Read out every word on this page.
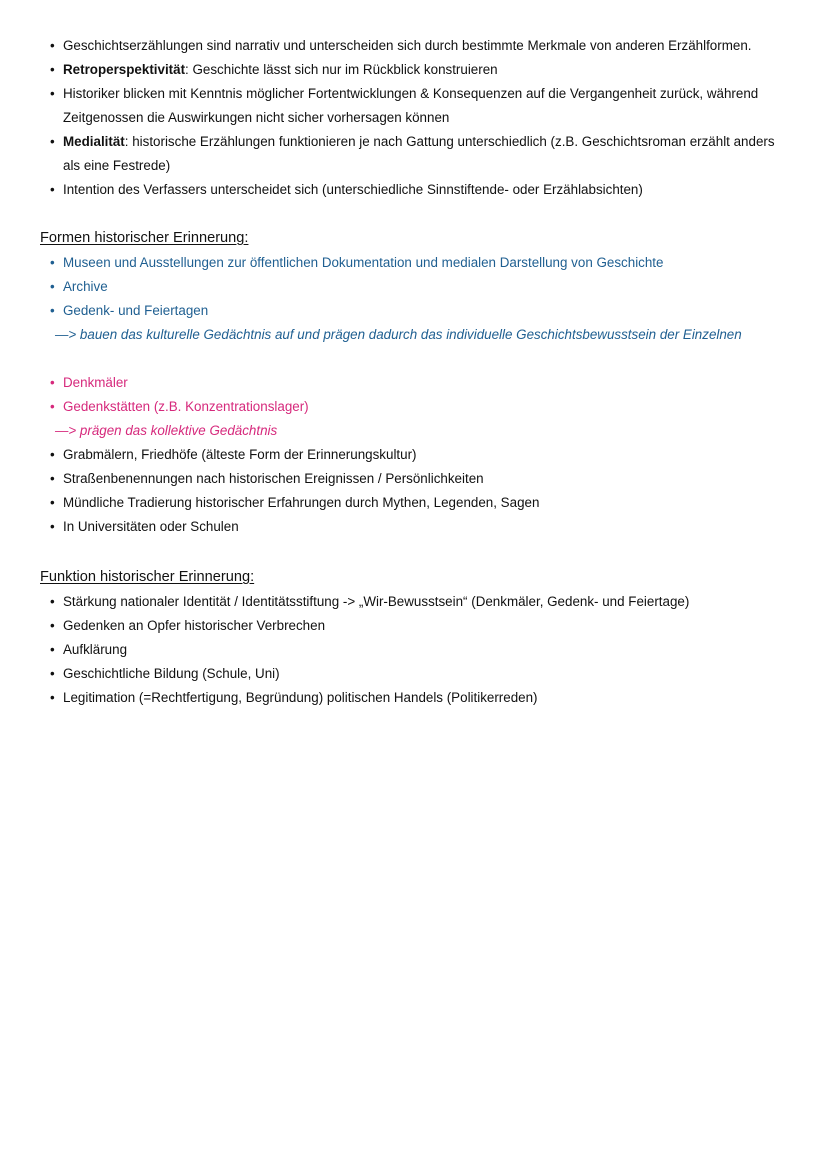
• Geschichtserzählungen sind narrativ und unterscheiden sich durch bestimmte Merkmale von anderen Erzählformen.
• Retroperspektivität: Geschichte lässt sich nur im Rückblick konstruieren
• Historiker blicken mit Kenntnis möglicher Fortentwicklungen & Konsequenzen auf die Vergangenheit zurück, während Zeitgenossen die Auswirkungen nicht sicher vorhersagen können
• Medialität: historische Erzählungen funktionieren je nach Gattung unterschiedlich (z.B. Geschichtsroman erzählt anders als eine Festrede)
• Intention des Verfassers unterscheidet sich (unterschiedliche Sinnstiftende- oder Erzählabsichten)
Formen historischer Erinnerung:
• Museen und Ausstellungen zur öffentlichen Dokumentation und medialen Darstellung von Geschichte
• Archive
• Gedenk- und Feiertagen
—> bauen das kulturelle Gedächtnis auf und prägen dadurch das individuelle Geschichtsbewusstsein der Einzelnen
• Denkmäler
• Gedenkstätten (z.B. Konzentrationslager)
—> prägen das kollektive Gedächtnis
• Grabmälern, Friedhöfe (älteste Form der Erinnerungskultur)
• Straßenbenennungen nach historischen Ereignissen / Persönlichkeiten
• Mündliche Tradierung historischer Erfahrungen durch Mythen, Legenden, Sagen
• In Universitäten oder Schulen
Funktion historischer Erinnerung:
• Stärkung nationaler Identität / Identitätsstiftung -> „Wir-Bewusstsein“ (Denkmäler, Gedenk- und Feiertage)
• Gedenken an Opfer historischer Verbrechen
• Aufklärung
• Geschichtliche Bildung (Schule, Uni)
• Legitimation (=Rechtfertigung, Begründung) politischen Handels (Politikerreden)
